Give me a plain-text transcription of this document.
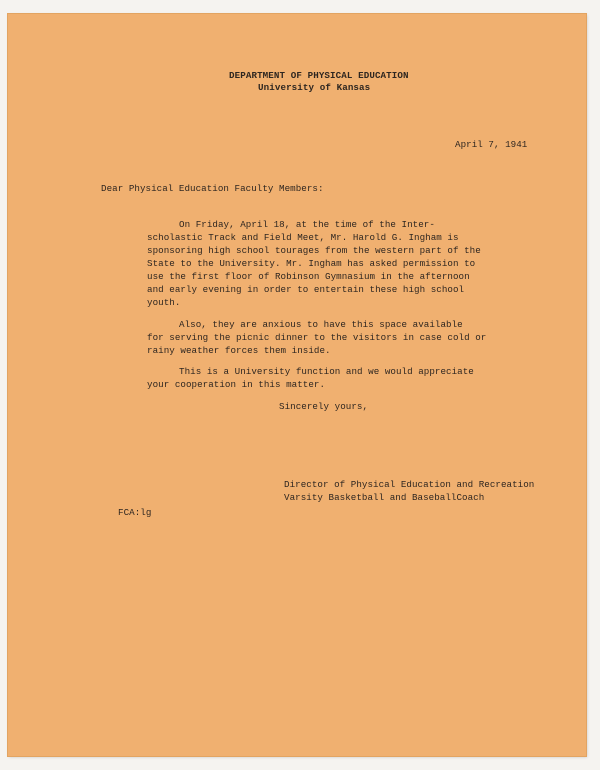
DEPARTMENT OF PHYSICAL EDUCATION
University of Kansas
April 7, 1941
Dear Physical Education Faculty Members:
On Friday, April 18, at the time of the Inter-
scholastic Track and Field Meet, Mr. Harold G. Ingham is
sponsoring high school tourages from the western part of the
State to the University. Mr. Ingham has asked permission to
use the first floor of Robinson Gymnasium in the afternoon
and early evening in order to entertain these high school
youth.
Also, they are anxious to have this space available
for serving the picnic dinner to the visitors in case cold or
rainy weather forces them inside.
This is a University function and we would appreciate
your cooperation in this matter.
Sincerely yours,
Director of Physical Education and Recreation
Varsity Basketball and BaseballCoach
FCA:lg
